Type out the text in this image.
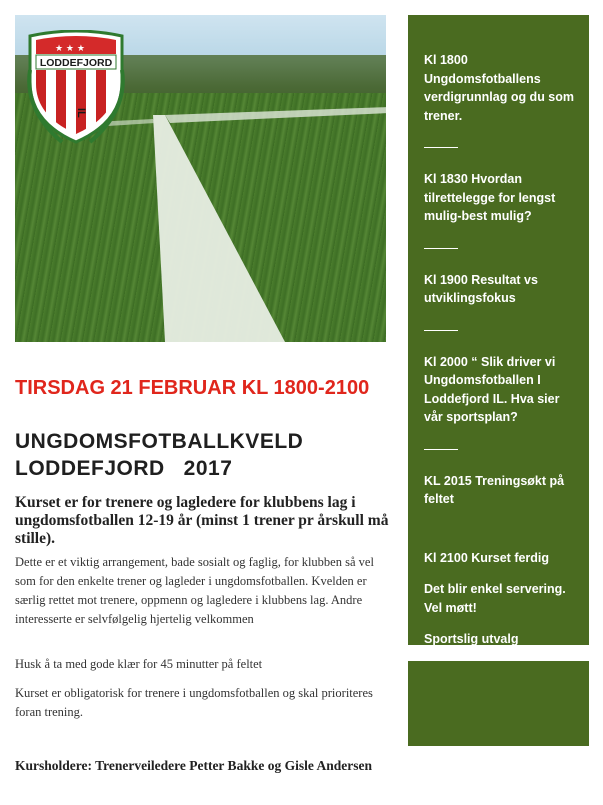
★ ★ ★
LODDEFJORD
IL
TIRSDAG 21 FEBRUAR KL 1800-2100
UNGDOMSFOTBALLKVELD
LODDEFJORD   2017
Kurset er for trenere og lagledere for klubbens lag i ungdomsfotballen 12-19 år (minst 1 trener pr årskull må stille).
Dette er et viktig arrangement, bade sosialt og faglig, for klubben så vel som for den enkelte trener og lagleder i ungdomsfotballen. Kvelden er særlig rettet mot trenere, oppmenn og lagledere i klubbens lag. Andre interesserte er selvfølgelig hjertelig velkommen
Husk å ta med gode klær for 45 minutter på feltet
Kurset er obligatorisk for trenere i ungdomsfotballen og skal prioriteres foran trening.
Kursholdere: Trenerveiledere Petter Bakke og Gisle Andersen
Kl 1800 Ungdomsfotballens verdigrunnlag og du som trener.
Kl 1830 Hvordan tilrettelegge for lengst mulig-best mulig?
Kl 1900 Resultat vs utviklingsfokus
Kl 2000 “ Slik driver vi Ungdomsfotballen I Loddefjord IL. Hva sier vår sportsplan?
KL 2015 Treningsøkt på feltet
Kl 2100 Kurset ferdig
Det blir enkel servering. Vel møtt!
Sportslig utvalg
